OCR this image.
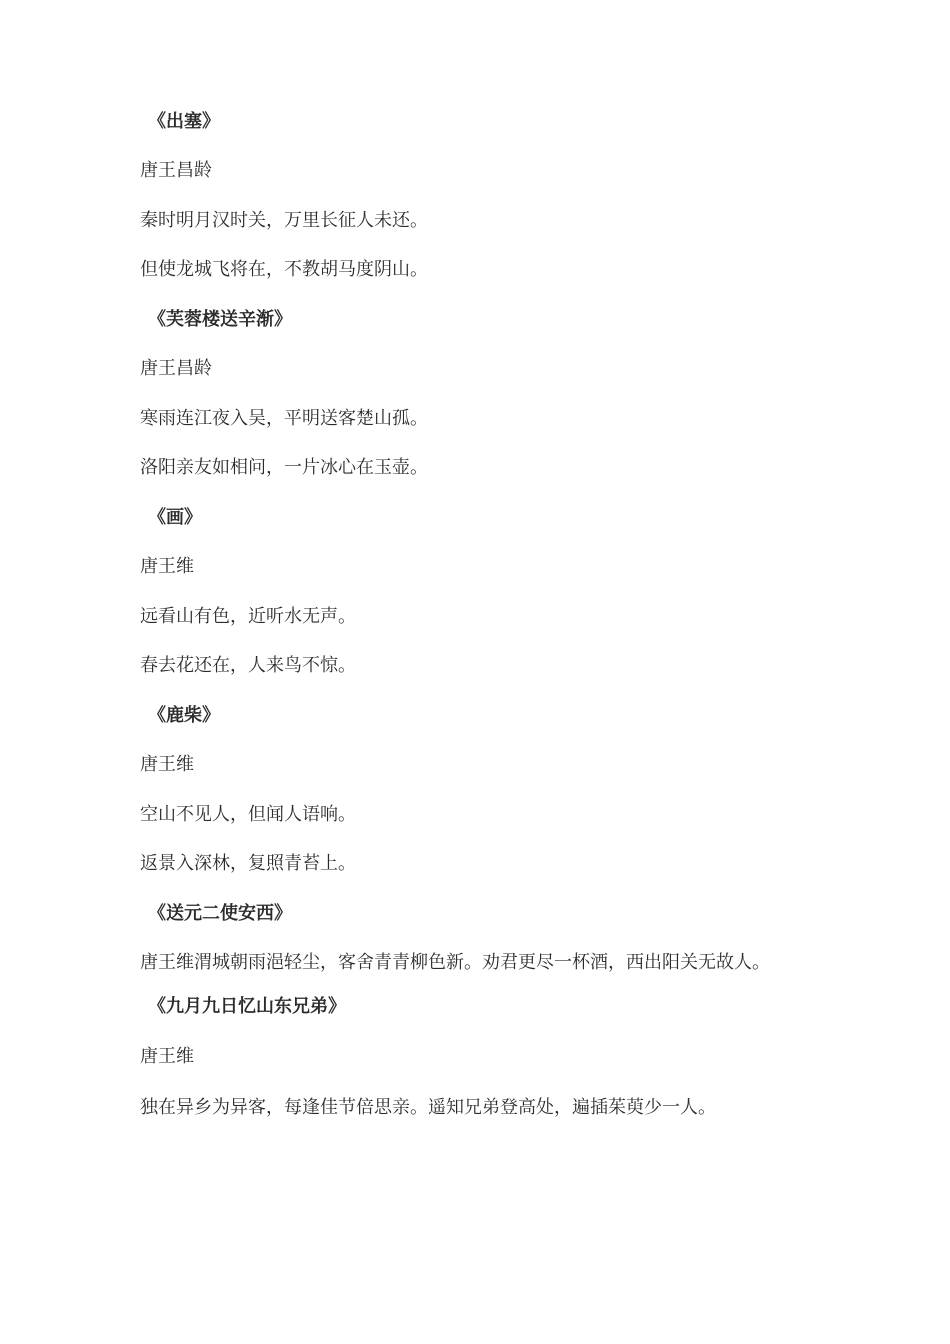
《出塞》
唐王昌龄
秦时明月汉时关，万里长征人未还。
但使龙城飞将在，不教胡马度阴山。
《芙蓉楼送辛渐》
唐王昌龄
寒雨连江夜入吴，平明送客楚山孤。
洛阳亲友如相问，一片冰心在玉壶。
《画》
唐王维
远看山有色，近听水无声。
春去花还在，人来鸟不惊。
《鹿柴》
唐王维
空山不见人，但闻人语响。
返景入深林，复照青苔上。
《送元二使安西》
唐王维渭城朝雨浥轻尘，客舍青青柳色新。劝君更尽一杯酒，西出阳关无故人。
《九月九日忆山东兄弟》
唐王维
独在异乡为异客，每逢佳节倍思亲。遥知兄弟登高处，遍插茱萸少一人。
